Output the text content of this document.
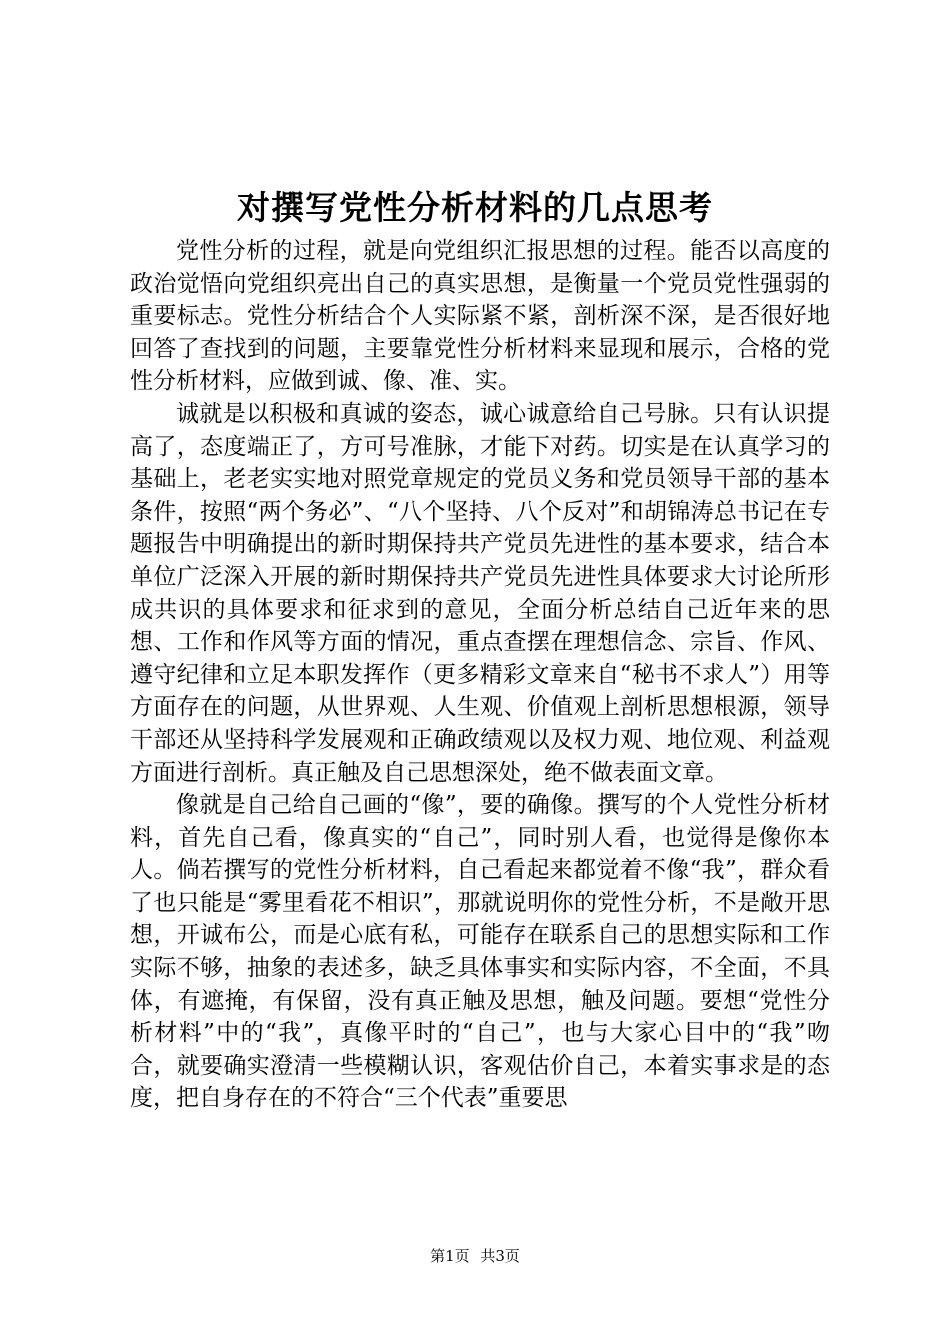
对撰写党性分析材料的几点思考

党性分析的过程，就是向党组织汇报思想的过程。能否以高度的政治觉悟向党组织亮出自己的真实思想，是衡量一个党员党性强弱的重要标志。党性分析结合个人实际紧不紧，剖析深不深，是否很好地回答了查找到的问题，主要靠党性分析材料来显现和展示，合格的党性分析材料，应做到诚、像、准、实。

诚就是以积极和真诚的姿态，诚心诚意给自己号脉。只有认识提高了，态度端正了，方可号准脉，才能下对药。切实是在认真学习的基础上，老老实实地对照党章规定的党员义务和党员领导干部的基本条件，按照“两个务必”、“八个坚持、八个反对”和胡锦涛总书记在专题报告中明确提出的新时期保持共产党员先进性的基本要求，结合本单位广泛深入开展的新时期保持共产党员先进性具体要求大讨论所形成共识的具体要求和征求到的意见，全面分析总结自己近年来的思想、工作和作风等方面的情况，重点查摆在理想信念、宗旨、作风、遵守纪律和立足本职发挥作（更多精彩文章来自“秘书不求人”）用等方面存在的问题，从世界观、人生观、价值观上剖析思想根源，领导干部还从坚持科学发展观和正确政绩观以及权力观、地位观、利益观方面进行剖析。真正触及自己思想深处，绝不做表面文章。

像就是自己给自己画的“像”，要的确像。撰写的个人党性分析材料，首先自己看，像真实的“自己”，同时别人看，也觉得是像你本人。倘若撰写的党性分析材料，自己看起来都觉着不像“我”，群众看了也只能是“雾里看花不相识”，那就说明你的党性分析，不是敞开思想，开诚布公，而是心底有私，可能存在联系自己的思想实际和工作实际不够，抽象的表述多，缺乏具体事实和实际内容，不全面，不具体，有遮掩，有保留，没有真正触及思想，触及问题。要想“党性分析材料”中的“我”，真像平时的“自己”，也与大家心目中的“我”吻合，就要确实澄清一些模糊认识，客观估价自己，本着实事求是的态度，把自身存在的不符合“三个代表”重要思

第1页 共3页
